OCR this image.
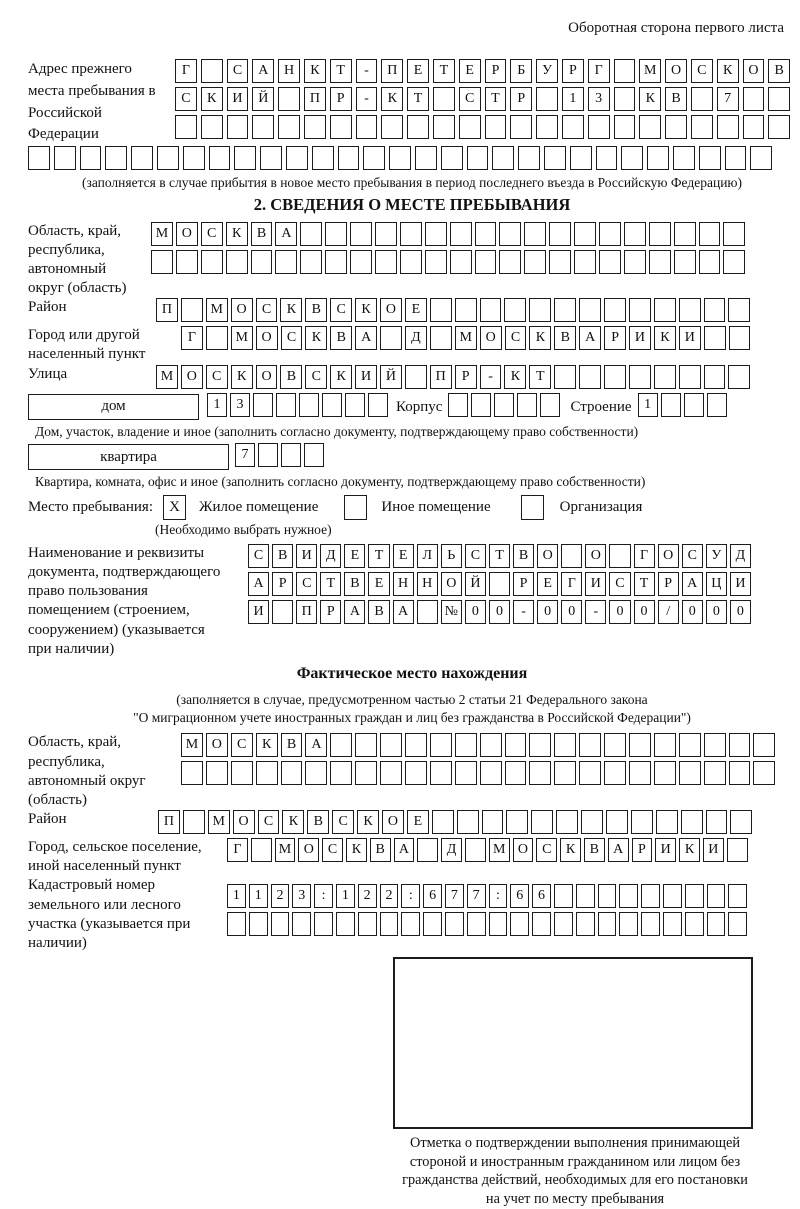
Оборотная сторона первого листа
Адрес прежнего места пребывания в Российской Федерации
Г	С	А	Н	К	Т	-	П	Е	Т	Е	Р	Б	У	Р	Г	М	О	С	К	О	В
С	К	И	Й	П	Р	-	К	Т	С	Т	Р	1	3	К	В	7
(заполняется в случае прибытия в новое место пребывания в период последнего въезда в Российскую Федерацию)
2. СВЕДЕНИЯ О МЕСТЕ ПРЕБЫВАНИЯ
Область, край, республика, автономный округ (область)
М О	С	К	В	А
Район	П	М О	С	К	В	С	К	О	Е
Город или другой населенный пункт
Г	М О	С	К	В	А	Д	М О	С	К	В	А	Р	И	К	И
Улица	М О	С	К	О	В	С	К	И	Й	П	Р	-	К	Т
дом	1	3	Корпус	Строение 1
Дом, участок, владение и иное (заполнить согласно документу, подтверждающему право собственности)
квартира	7
Квартира, комната, офис и иное (заполнить согласно документу, подтверждающему право собственности)
Место пребывания:	X	Жилое помещение	Иное помещение	Организация
(Необходимо выбрать нужное)
Наименование и реквизиты документа, подтверждающего право пользования помещением (строением, сооружением) (указывается при наличии)
С	В	И	Д	Е	Т	Е	Л	Ь	С	Т	В	О	О	Г	О	С	У	Д
А	Р	С	Т	В	Е	Н Н О Й	Р	Е	Г	И	С	Т	Р	А Ц И
И	П	Р	А	В	А	№ 0	0	-	0	0	-	0	0	/	0	0	0
Фактическое место нахождения
(заполняется в случае, предусмотренном частью 2 статьи 21 Федерального закона
"О миграционном учете иностранных граждан и лиц без гражданства в Российской Федерации")
Область, край, республика, автономный округ (область)
М О	С	К	В	А
Район	П	М О	С	К	В	С	К	О	Е
Город, сельское поселение, иной населенный пункт
Г	М О	С	К	В	А	Д	М О	С	К	В	А	Р	И	К	И
Кадастровый номер земельного или лесного участка (указывается при наличии)
1	1	2	3	:	1	2	2	:	6	7	7	:	6	6
Отметка о подтверждении выполнения принимающей
стороной и иностранным гражданином или лицом без
гражданства действий, необходимых для его постановки
на учет по месту пребывания
